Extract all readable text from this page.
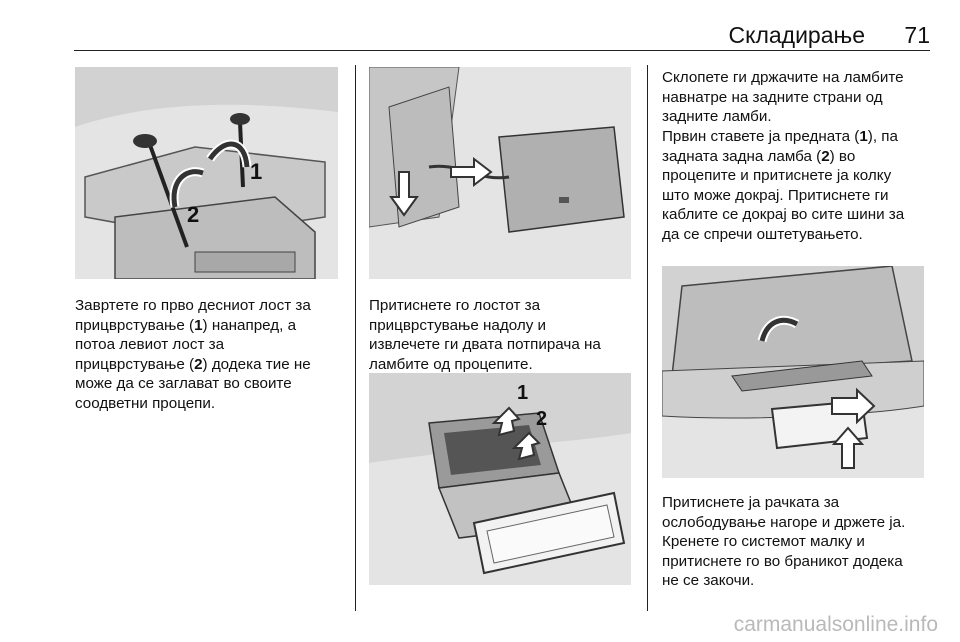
Складирање	71
1
2
Завртете го прво десниот лост за
прицврстување (1) нанапред, а
потоа левиот лост за
прицврстување (2) додека тие не
може да се заглават во своите
соодветни процепи.
Притиснете го лостот за
прицврстување надолу и
извлечете ги двата потпирача на
ламбите од процепите.
1
2
Склопете ги држачите на ламбите
навнатре на задните страни од
задните ламби.
Првин ставете ја предната (1), па
задната задна ламба (2) во
процепите и притиснете ја колку
што може докрај. Притиснете ги
каблите се докрај во сите шини за
да се спречи оштетувањето.
Притиснете ја рачката за
ослободување нагоре и држете ја.
Кренете го системот малку и
притиснете го во браникот додека
не се закочи.
carmanualsonline.info
